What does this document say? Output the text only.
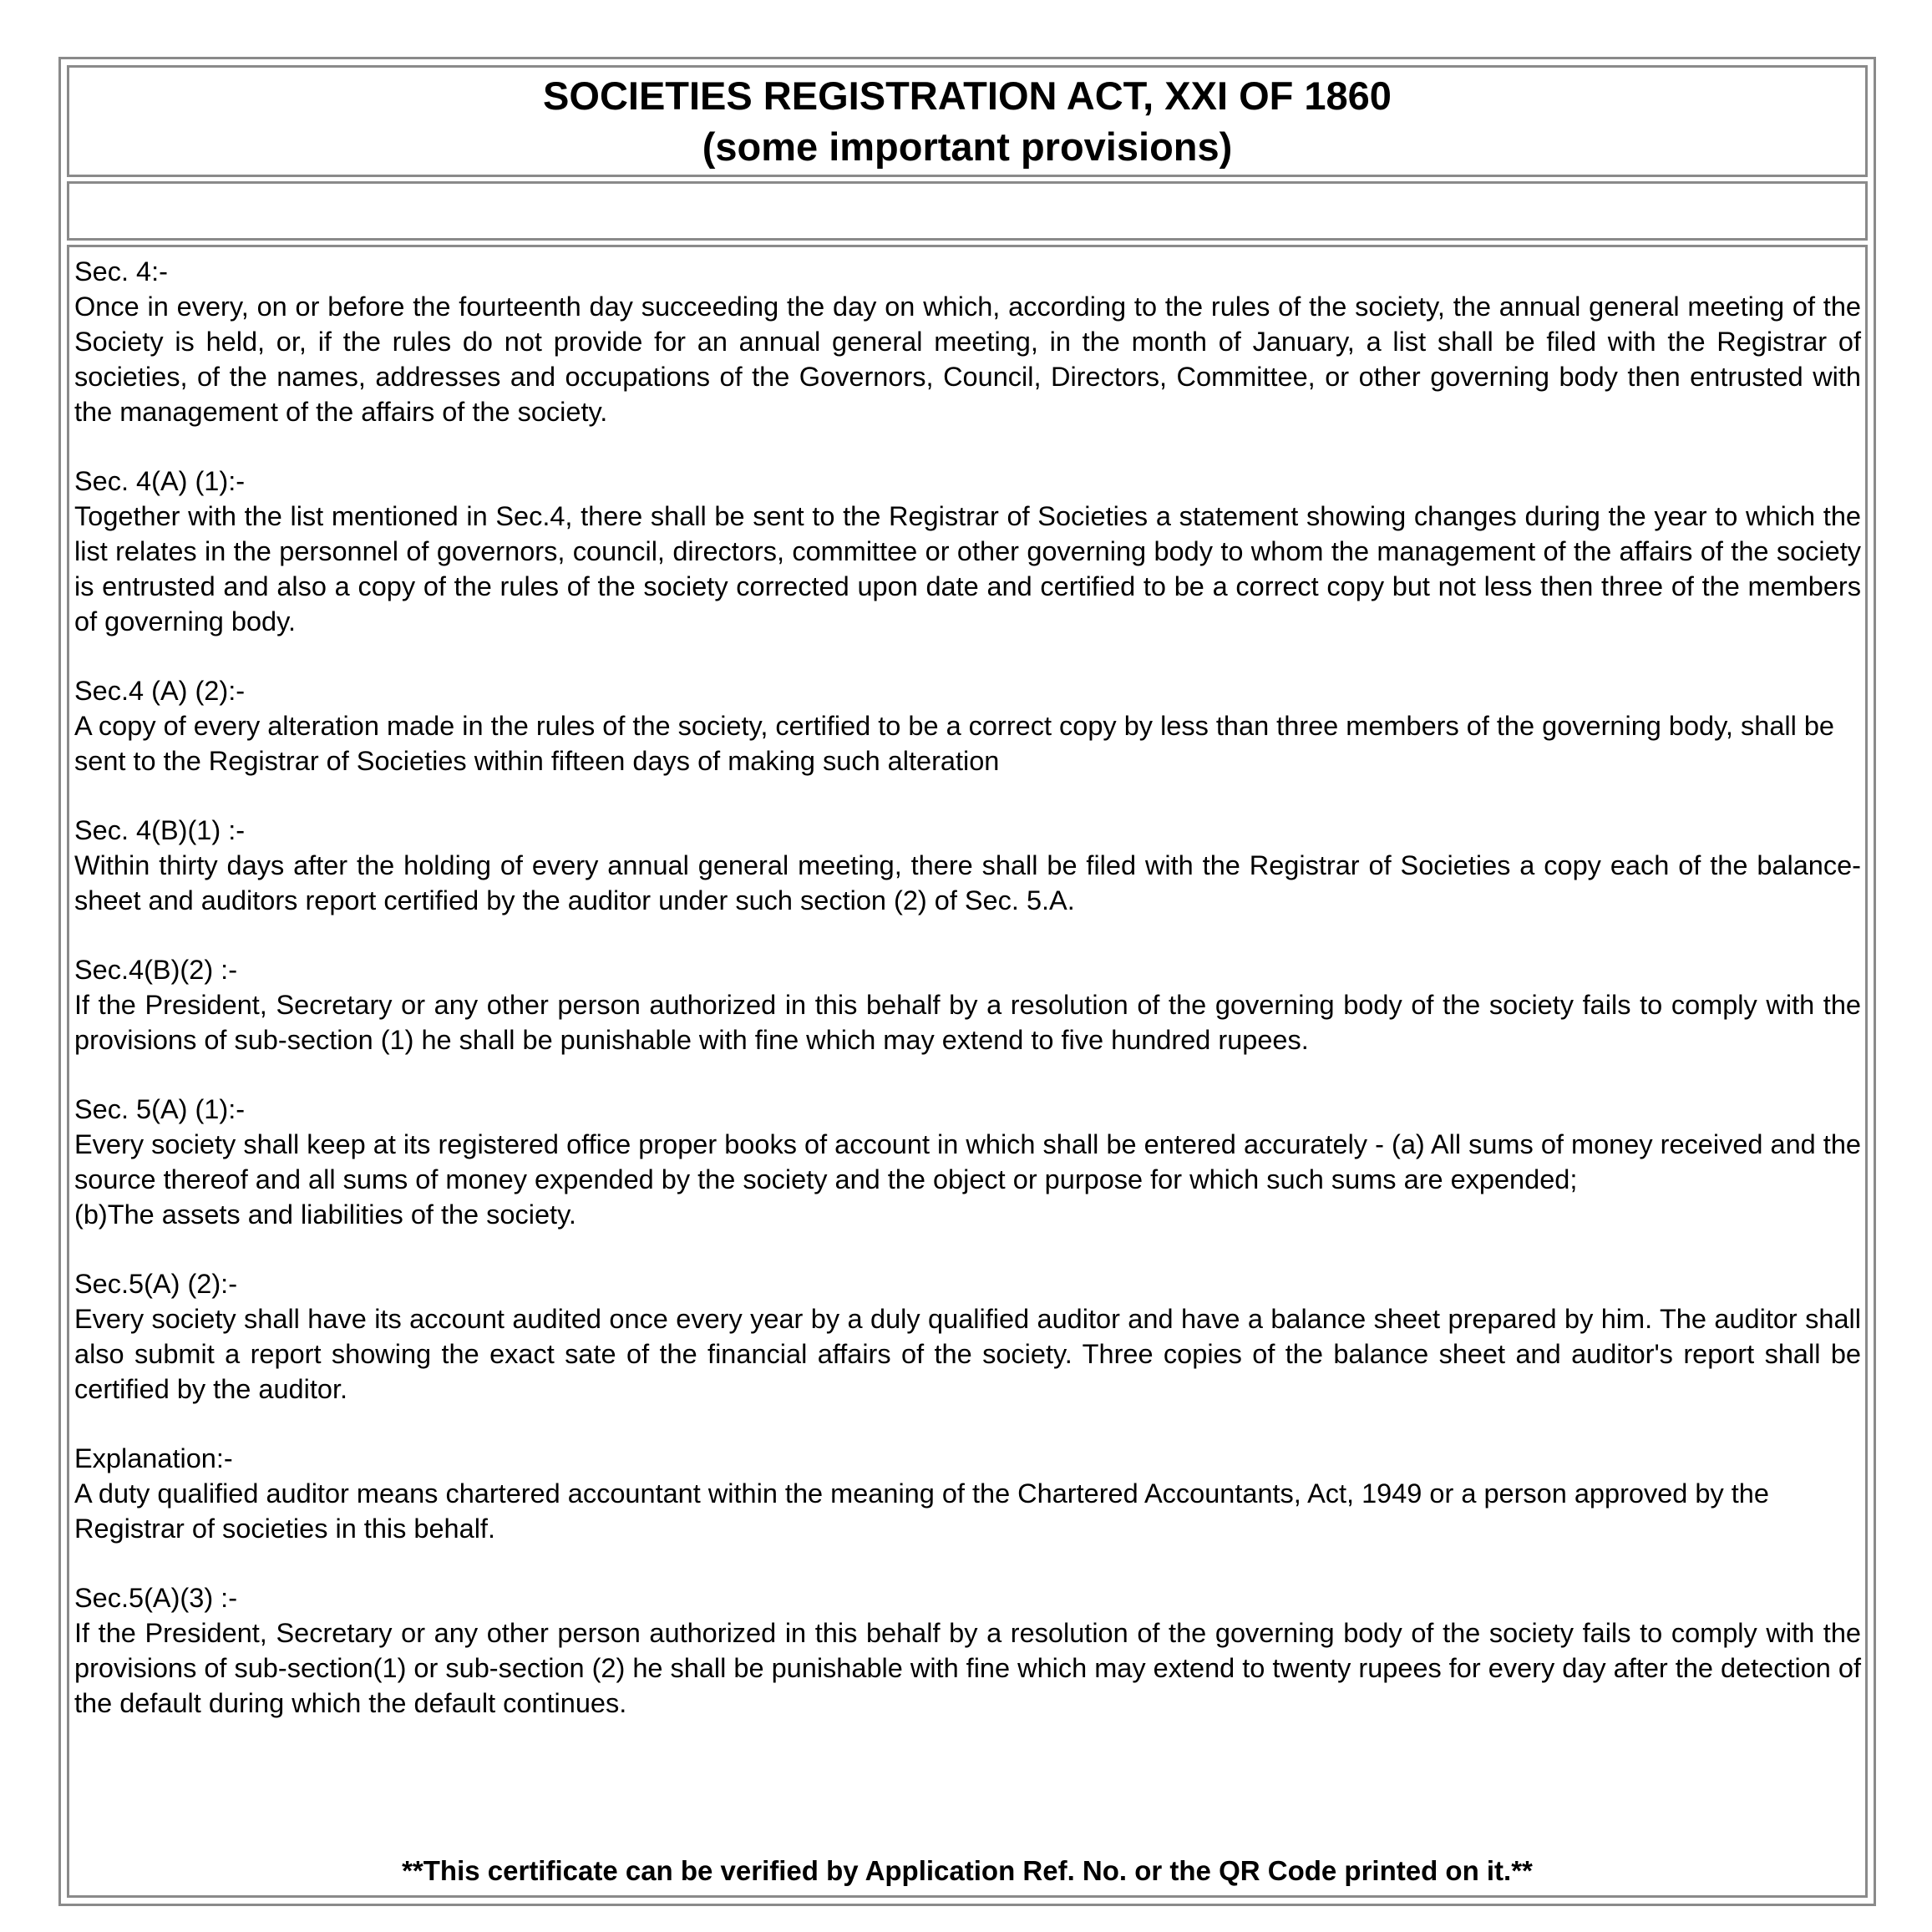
SOCIETIES REGISTRATION ACT, XXI OF 1860
(some important provisions)
Sec. 4:-
Once in every, on or before the fourteenth day succeeding the day on which, according to the rules of the society, the annual general meeting of the Society is held, or, if the rules do not provide for an annual general meeting, in the month of January, a list shall be filed with the Registrar of societies, of the names, addresses and occupations of the Governors, Council, Directors, Committee, or other governing body then entrusted with the management of the affairs of the society.
Sec. 4(A) (1):-
Together with the list mentioned in Sec.4, there shall be sent to the Registrar of Societies a statement showing changes during the year to which the list relates in the personnel of governors, council, directors, committee or other governing body to whom the management of the affairs of the society is entrusted and also a copy of the rules of the society corrected upon date and certified to be a correct copy but not less then three of the members of governing body.
Sec.4 (A) (2):-
A copy of every alteration made in the rules of the society, certified to be a correct copy by less than three members of the governing body, shall be sent to the Registrar of Societies within fifteen days of making such alteration
Sec. 4(B)(1) :-
Within thirty days after the holding of every annual general meeting, there shall be filed with the Registrar of Societies a copy each of the balance-sheet and auditors report certified by the auditor under such section (2) of Sec. 5.A.
Sec.4(B)(2) :-
If the President, Secretary or any other person authorized in this behalf by a resolution of the governing body of the society fails to comply with the provisions of sub-section (1) he shall be punishable with fine which may extend to five hundred rupees.
Sec. 5(A) (1):-
Every society shall keep at its registered office proper books of account in which shall be entered accurately - (a) All sums of money received and the source thereof and all sums of money expended by the society and the object or purpose for which such sums are expended;
(b)The assets and liabilities of the society.
Sec.5(A) (2):-
Every society shall have its account audited once every year by a duly qualified auditor and have a balance sheet prepared by him. The auditor shall also submit a report showing the exact sate of the financial affairs of the society. Three copies of the balance sheet and auditor's report shall be certified by the auditor.
Explanation:-
A duty qualified auditor means chartered accountant within the meaning of the Chartered Accountants, Act, 1949 or a person approved by the Registrar of societies in this behalf.
Sec.5(A)(3) :-
If the President, Secretary or any other person authorized in this behalf by a resolution of the governing body of the society fails to comply with the provisions of sub-section(1) or sub-section (2) he shall be punishable with fine which may extend to twenty rupees for every day after the detection of the default during which the default continues.
**This certificate can be verified by Application Ref. No. or the QR Code printed on it.**
